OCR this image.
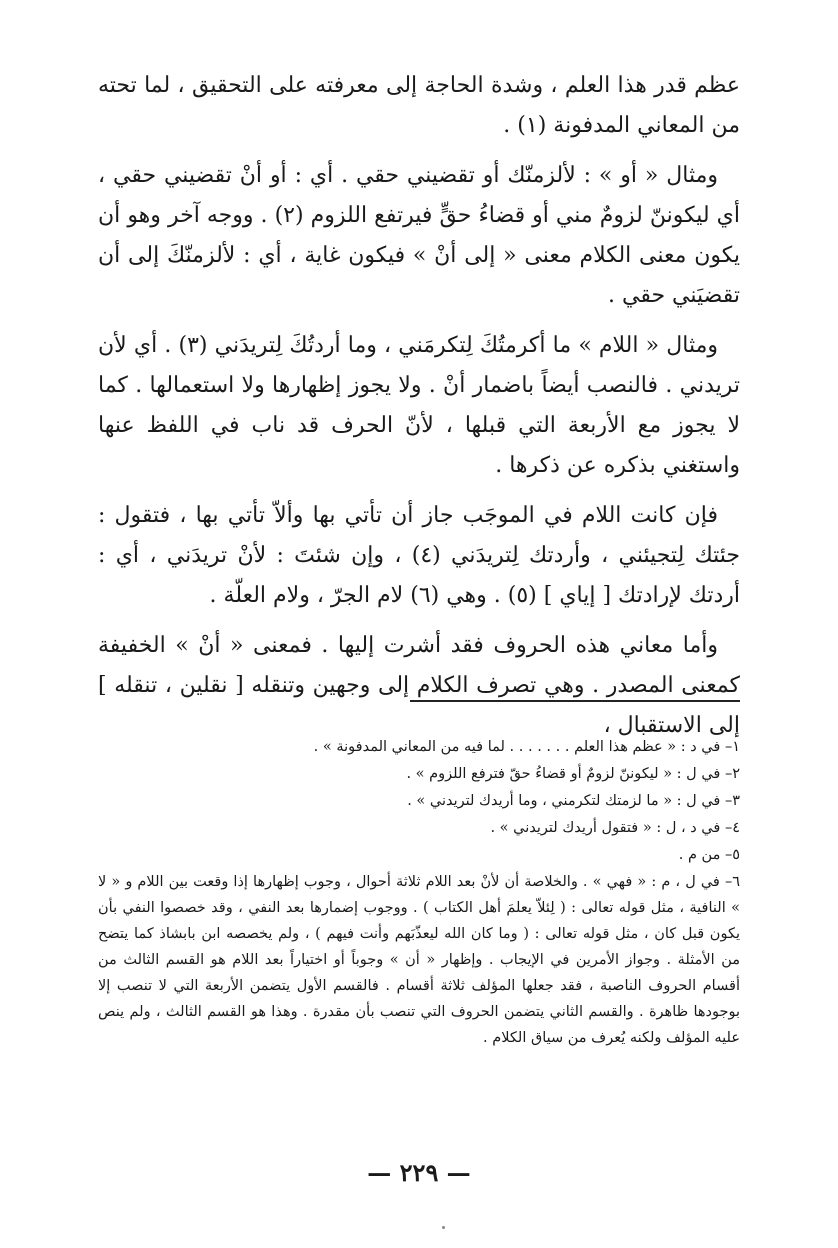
عظم قدر هذا العلم ، وشدة الحاجة إلى معرفته على التحقيق ، لما تحته من المعاني المدفونة (١) .

ومثال « أو » : لألزمنّك أو تقضيني حقي . أي : أو أنْ تقضيني حقي ، أي ليكوننّ لزومٌ مني أو قضاءُ حقٍّ فيرتفع اللزوم (٢) . ووجه آخر وهو أن يكون معنى الكلام معنى « إلى أنْ » فيكون غاية ، أي : لألزمنّكَ إلى أن تقضيَني حقي .

ومثال « اللام » ما أكرمتُكَ لِتكرمَني ، وما أردتُكَ لِتريدَني (٣) . أي لأن تريدني . فالنصب أيضاً باضمار أنْ . ولا يجوز إظهارها ولا استعمالها . كما لا يجوز مع الأربعة التي قبلها ، لأنّ الحرف قد ناب في اللفظ عنها واستغني بذكره عن ذكرها .

فإن كانت اللام في الموجَب جاز أن تأتي بها وألاّ تأتي بها ، فتقول : جئتك لِتجيئني ، وأردتك لِتريدَني (٤) ، وإن شئتَ : لأنْ تريدَني ، أي : أردتك لإرادتك [ إياي ] (٥) . وهي (٦) لام الجرّ ، ولام العلّة .

وأما معاني هذه الحروف فقد أشرت إليها . فمعنى « أنْ » الخفيفة كمعنى المصدر . وهي تصرف الكلام إلى وجهين وتنقله [ نقلين ، تنقله ] إلى الاستقبال ،

١– في د : « عظم هذا العلم . . . . . . . لما فيه من المعاني المدفونة » .
٢– في ل : « ليكوننّ لزومٌ أو قضاءُ حقّ فترفع اللزوم » .
٣– في ل : « ما لزمتك لتكرمني ، وما أريدك لتريدني » .
٤– في د ، ل : « فتقول أريدك لتريدني » .
٥– من م .
٦– في ل ، م : « فهي » . والخلاصة أن لأنْ بعد اللام ثلاثة أحوال ، وجوب إظهارها إذا وقعت بين اللام و « لا » النافية ، مثل قوله تعالى : ( لِئلاّ يعلمَ أهل الكتاب ) . ووجوب إضمارها بعد النفي ، وقد خصصوا النفي بأن يكون قبل كان ، مثل قوله تعالى : ( وما كان الله ليعذّبَهم وأنت فيهم ) ، ولم يخصصه ابن بابشاذ كما يتضح من الأمثلة . وجواز الأمرين في الإيجاب . وإظهار « أن » وجوباً أو اختياراً بعد اللام هو القسم الثالث من أقسام الحروف الناصبة ، فقد جعلها المؤلف ثلاثة أقسام . فالقسم الأول يتضمن الأربعة التي لا تنصب إلا بوجودها ظاهرة . والقسم الثاني يتضمن الحروف التي تنصب بأن مقدرة . وهذا هو القسم الثالث ، ولم ينص عليه المؤلف ولكنه يُعرف من سياق الكلام .
— ٢٢٩ —
